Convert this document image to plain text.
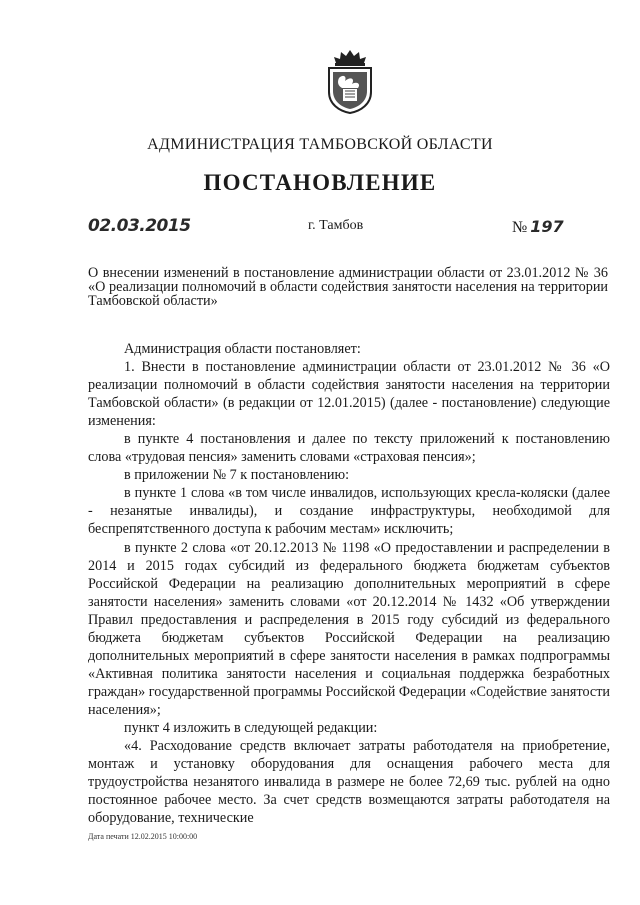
АДМИНИСТРАЦИЯ ТАМБОВСКОЙ ОБЛАСТИ
ПОСТАНОВЛЕНИЕ
02.03.2015	г. Тамбов	№ 197
О внесении изменений в постановление администрации области от 23.01.2012 № 36 «О реализации полномочий в области содействия занятости населения на территории Тамбовской области»
Администрация области постановляет:
1. Внести в постановление администрации области от 23.01.2012 № 36 «О реализации полномочий в области содействия занятости населения на территории Тамбовской области» (в редакции от 12.01.2015) (далее - постановление) следующие изменения:
в пункте 4 постановления и далее по тексту приложений к постановлению слова «трудовая пенсия» заменить словами «страховая пенсия»;
в приложении № 7 к постановлению:
в пункте 1 слова «в том числе инвалидов, использующих кресла-коляски (далее - незанятые инвалиды), и создание инфраструктуры, необходимой для беспрепятственного доступа к рабочим местам» исключить;
в пункте 2 слова «от 20.12.2013 № 1198 «О предоставлении и распределении в 2014 и 2015 годах субсидий из федерального бюджета бюджетам субъектов Российской Федерации на реализацию дополнительных мероприятий в сфере занятости населения» заменить словами «от 20.12.2014 № 1432 «Об утверждении Правил предоставления и распределения в 2015 году субсидий из федерального бюджета бюджетам субъектов Российской Федерации на реализацию дополнительных мероприятий в сфере занятости населения в рамках подпрограммы «Активная политика занятости населения и социальная поддержка безработных граждан» государственной программы Российской Федерации «Содействие занятости населения»;
пункт 4 изложить в следующей редакции:
«4. Расходование средств включает затраты работодателя на приобретение, монтаж и установку оборудования для оснащения рабочего места для трудоустройства незанятого инвалида в размере не более 72,69 тыс. рублей на одно постоянное рабочее место. За счет средств возмещаются затраты работодателя на оборудование, технические
Дата печати 12.02.2015 10:00:00
